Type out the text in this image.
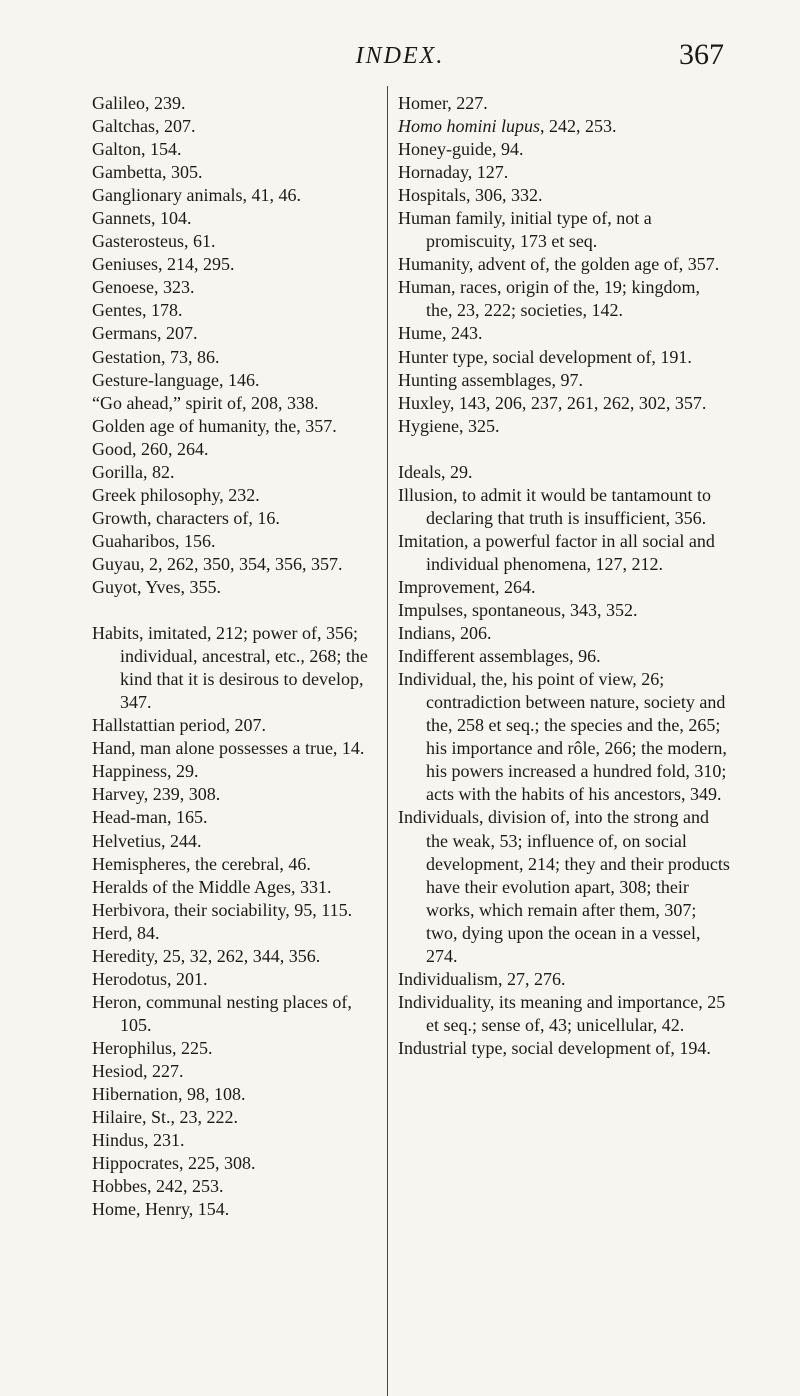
INDEX.	367
Galileo, 239.
Galtchas, 207.
Galton, 154.
Gambetta, 305.
Ganglionary animals, 41, 46.
Gannets, 104.
Gasterosteus, 61.
Geniuses, 214, 295.
Genoese, 323.
Gentes, 178.
Germans, 207.
Gestation, 73, 86.
Gesture-language, 146.
“Go ahead,” spirit of, 208, 338.
Golden age of humanity, the, 357.
Good, 260, 264.
Gorilla, 82.
Greek philosophy, 232.
Growth, characters of, 16.
Guaharibos, 156.
Guyau, 2, 262, 350, 354, 356, 357.
Guyot, Yves, 355.
Habits, imitated, 212; power of, 356; individual, ancestral, etc., 268; the kind that it is desirous to develop, 347.
Hallstattian period, 207.
Hand, man alone possesses a true, 14.
Happiness, 29.
Harvey, 239, 308.
Head-man, 165.
Helvetius, 244.
Hemispheres, the cerebral, 46.
Heralds of the Middle Ages, 331.
Herbivora, their sociability, 95, 115.
Herd, 84.
Heredity, 25, 32, 262, 344, 356.
Herodotus, 201.
Heron, communal nesting places of, 105.
Herophilus, 225.
Hesiod, 227.
Hibernation, 98, 108.
Hilaire, St., 23, 222.
Hindus, 231.
Hippocrates, 225, 308.
Hobbes, 242, 253.
Home, Henry, 154.
Homer, 227.
Homo homini lupus, 242, 253.
Honey-guide, 94.
Hornaday, 127.
Hospitals, 306, 332.
Human family, initial type of, not a promiscuity, 173 et seq.
Humanity, advent of, the golden age of, 357.
Human, races, origin of the, 19; kingdom, the, 23, 222; societies, 142.
Hume, 243.
Hunter type, social development of, 191.
Hunting assemblages, 97.
Huxley, 143, 206, 237, 261, 262, 302, 357.
Hygiene, 325.
Ideals, 29.
Illusion, to admit it would be tantamount to declaring that truth is insufficient, 356.
Imitation, a powerful factor in all social and individual phenomena, 127, 212.
Improvement, 264.
Impulses, spontaneous, 343, 352.
Indians, 206.
Indifferent assemblages, 96.
Individual, the, his point of view, 26; contradiction between nature, society and the, 258 et seq.; the species and the, 265; his importance and rôle, 266; the modern, his powers increased a hundred fold, 310; acts with the habits of his ancestors, 349.
Individuals, division of, into the strong and the weak, 53; influence of, on social development, 214; they and their products have their evolution apart, 308; their works, which remain after them, 307; two, dying upon the ocean in a vessel, 274.
Individualism, 27, 276.
Individuality, its meaning and importance, 25 et seq.; sense of, 43; unicellular, 42.
Industrial type, social development of, 194.
